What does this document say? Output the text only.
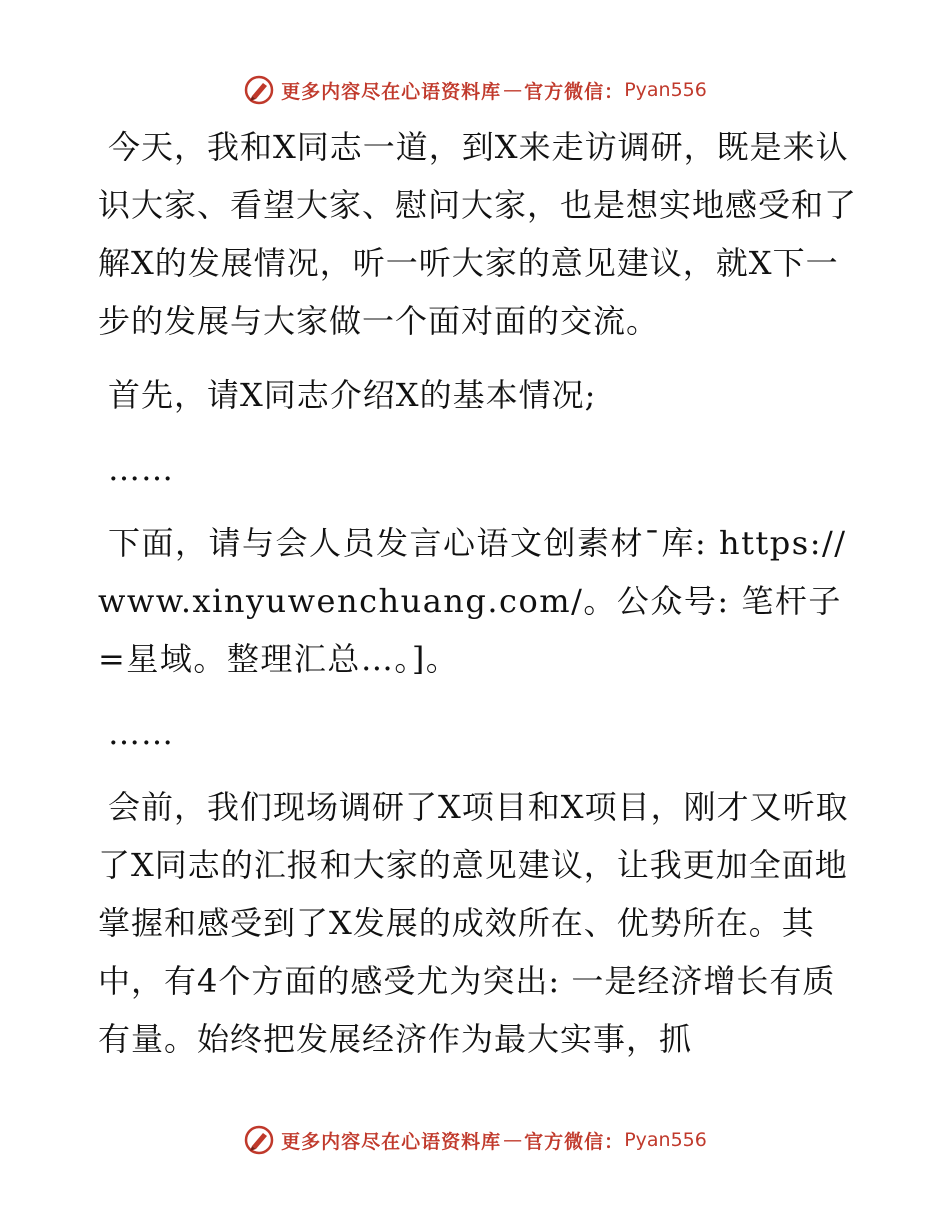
更多内容尽在心语资料库 — 官方微信： Pyan556

今天，我和X同志一道，到X来走访调研，既是来认识大家、看望大家、慰问大家，也是想实地感受和了解X的发展情况，听一听大家的意见建议，就X下一步的发展与大家做一个面对面的交流。

首先，请X同志介绍X的基本情况;

……

下面，请与会人员发言心语文创素材¯库: https://www.xinyuwenchuang.com/。公众号: 笔杆子=星域。整理汇总…。]。

……

会前，我们现场调研了X项目和X项目，刚才又听取了X同志的汇报和大家的意见建议，让我更加全面地掌握和感受到了X发展的成效所在、优势所在。其中，有4个方面的感受尤为突出: 一是经济增长有质有量。始终把发展经济作为最大实事，抓

更多内容尽在心语资料库 — 官方微信： Pyan556
